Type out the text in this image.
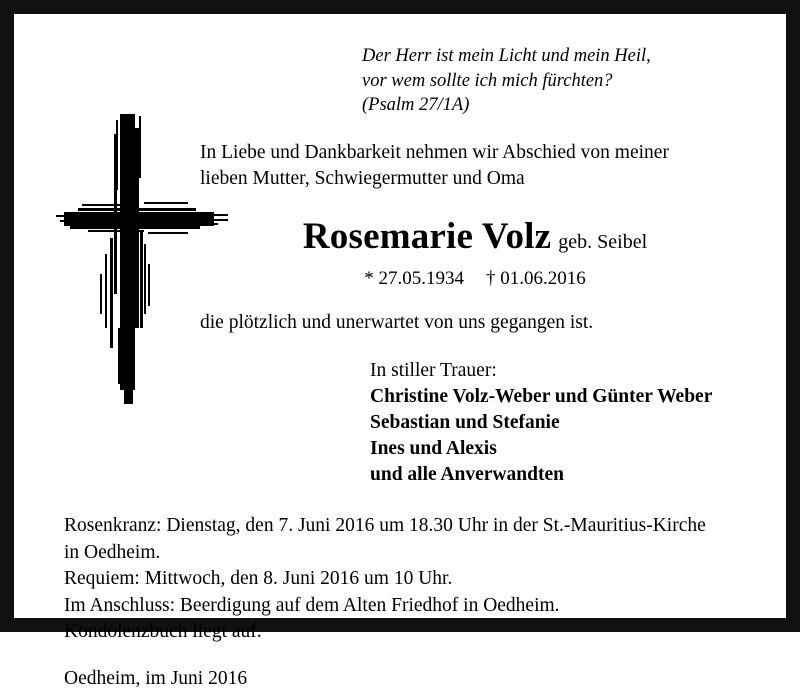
Der Herr ist mein Licht und mein Heil,
vor wem sollte ich mich fürchten?
(Psalm 27/1A)
In Liebe und Dankbarkeit nehmen wir Abschied von meiner
lieben Mutter, Schwiegermutter und Oma
Rosemarie Volz geb. Seibel
* 27.05.1934 † 01.06.2016
die plötzlich und unerwartet von uns gegangen ist.
In stiller Trauer:
Christine Volz-Weber und Günter Weber
Sebastian und Stefanie
Ines und Alexis
und alle Anverwandten
Rosenkranz: Dienstag, den 7. Juni 2016 um 18.30 Uhr in der St.-Mauritius-Kirche
in Oedheim.
Requiem: Mittwoch, den 8. Juni 2016 um 10 Uhr.
Im Anschluss: Beerdigung auf dem Alten Friedhof in Oedheim.
Kondolenzbuch liegt auf.
Oedheim, im Juni 2016
